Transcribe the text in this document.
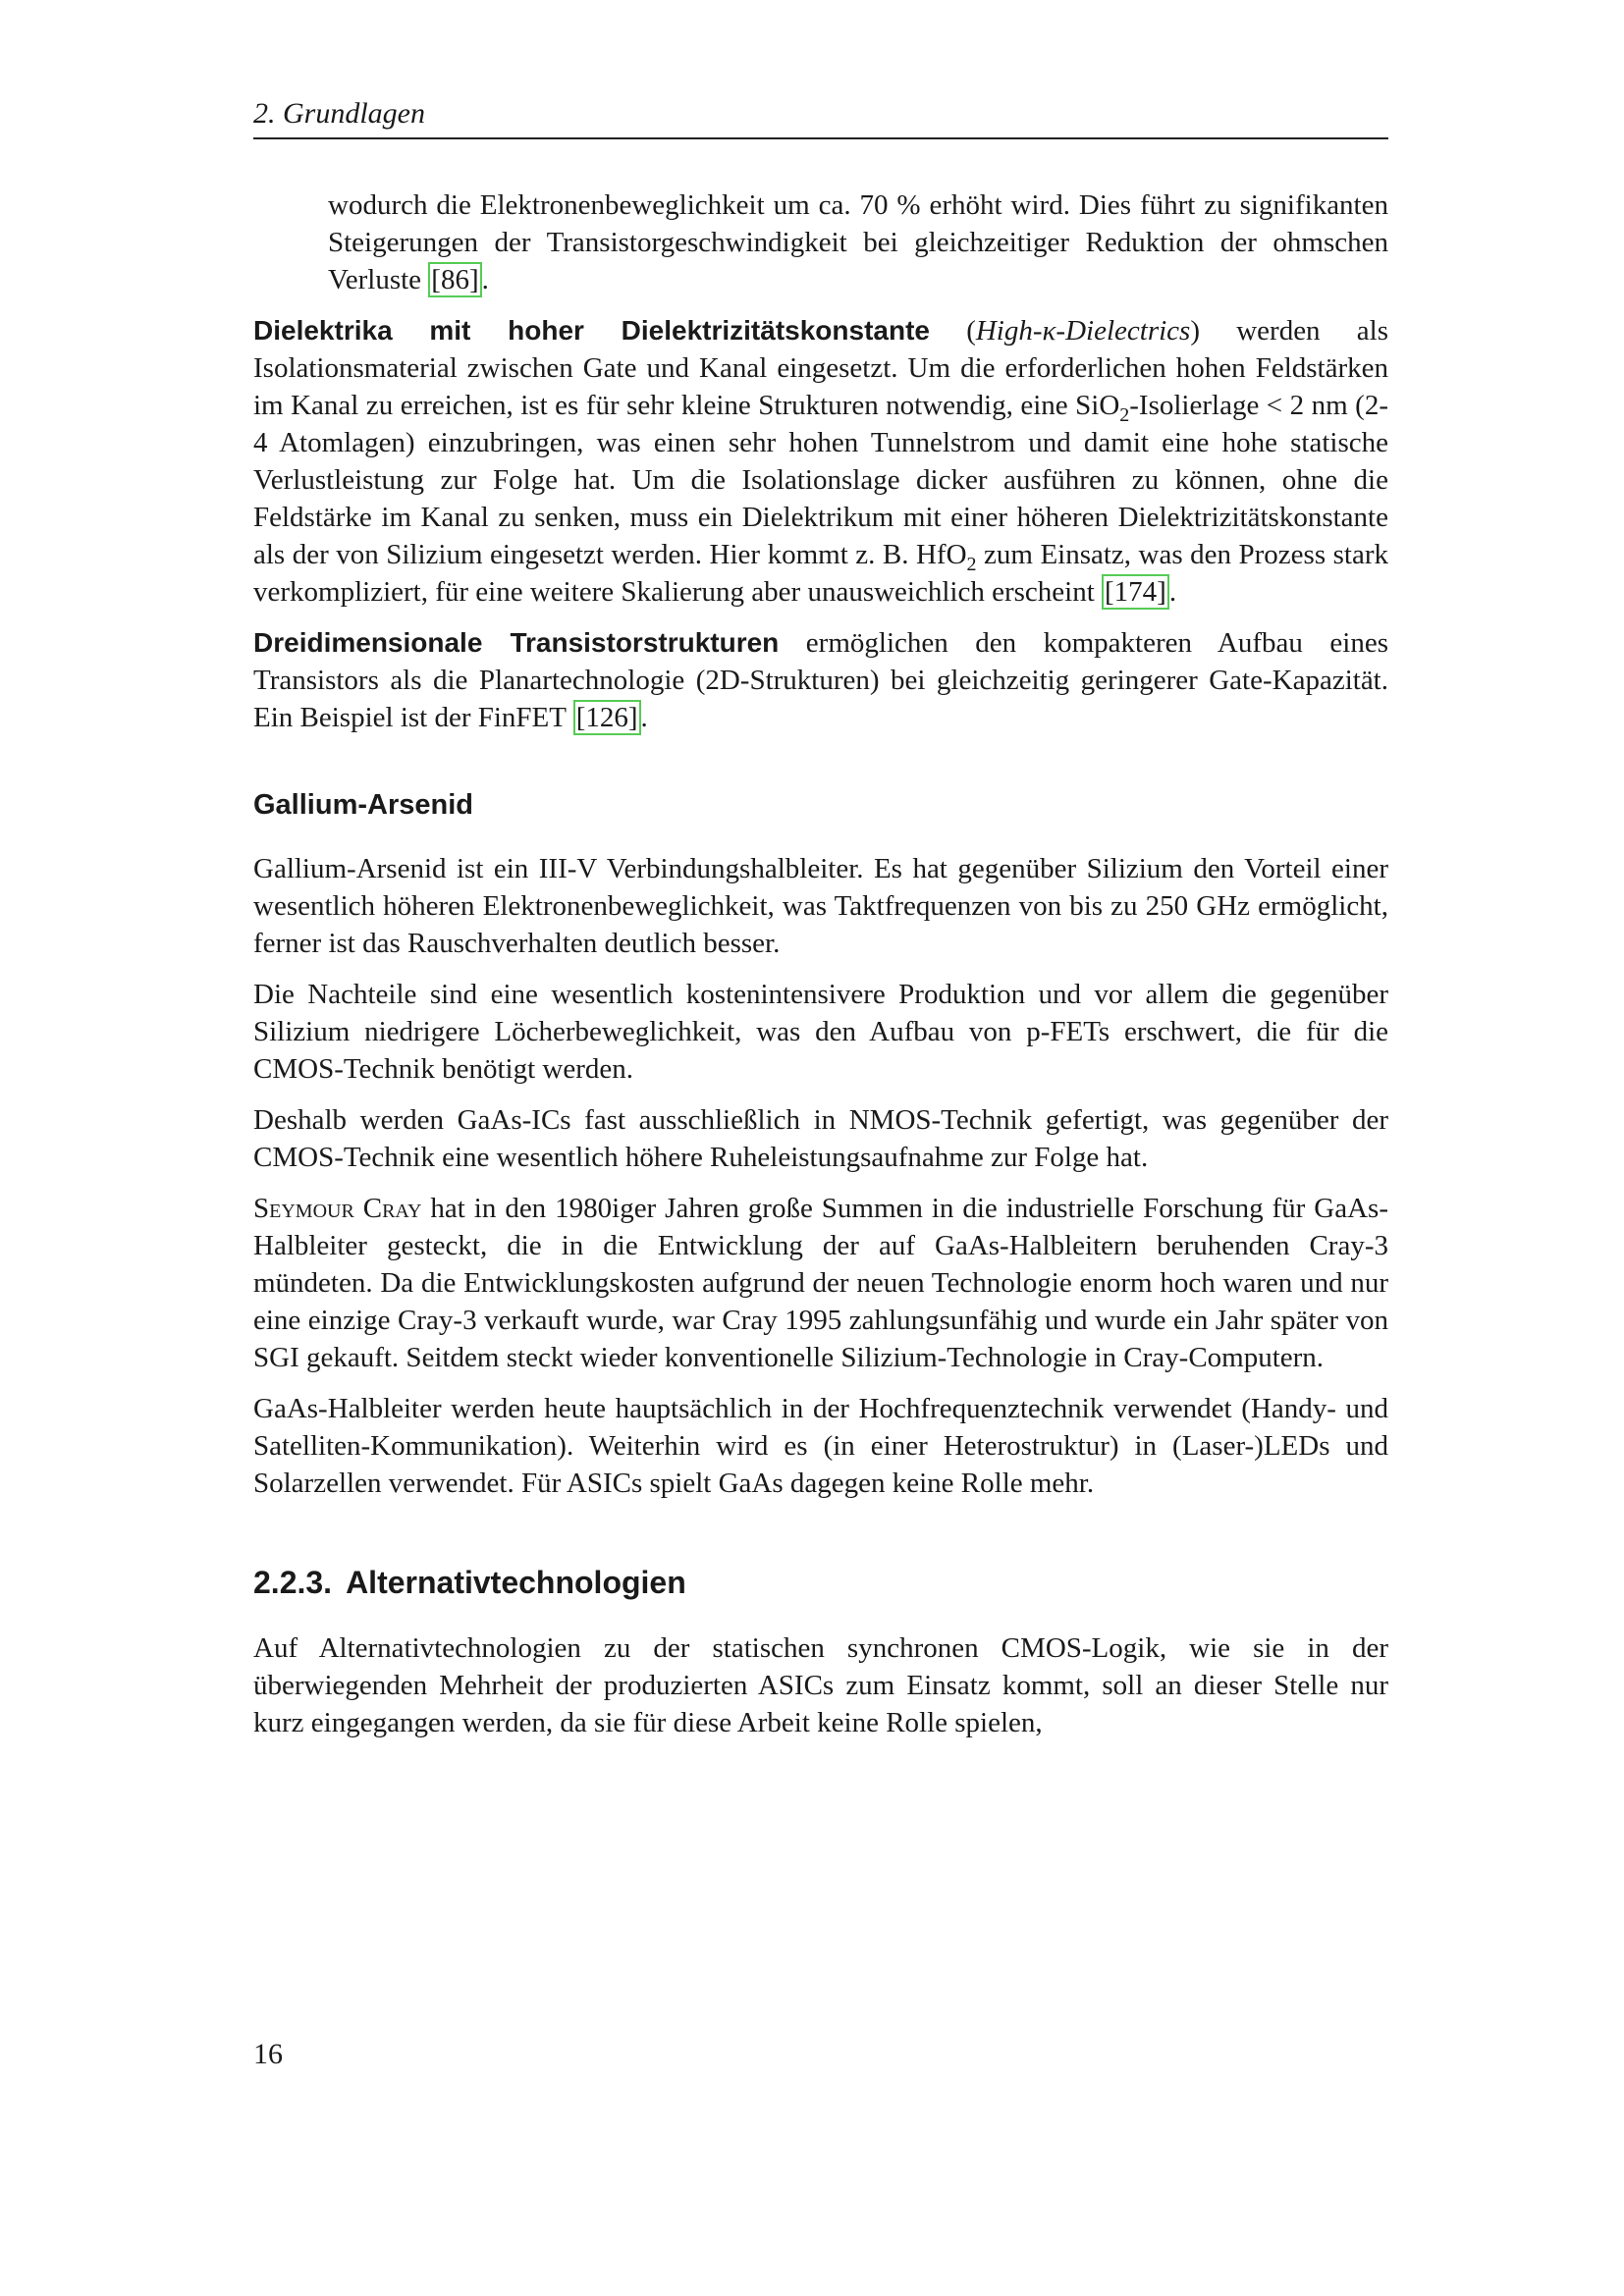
2. Grundlagen
wodurch die Elektronenbeweglichkeit um ca. 70 % erhöht wird. Dies führt zu signifikanten Steigerungen der Transistorgeschwindigkeit bei gleichzeitiger Reduktion der ohmschen Verluste [86] .
Dielektrika mit hoher Dielektrizitätskonstante (High-κ-Dielectrics) werden als Isolationsmaterial zwischen Gate und Kanal eingesetzt. Um die erforderlichen hohen Feldstärken im Kanal zu erreichen, ist es für sehr kleine Strukturen notwendig, eine SiO$_2$-Isolierlage < 2 nm (2-4 Atomlagen) einzubringen, was einen sehr hohen Tunnelstrom und damit eine hohe statische Verlustleistung zur Folge hat. Um die Isolationslage dicker ausführen zu können, ohne die Feldstärke im Kanal zu senken, muss ein Dielektrikum mit einer höheren Dielektrizitätskonstante als der von Silizium eingesetzt werden. Hier kommt z. B. HfO$_2$ zum Einsatz, was den Prozess stark verkompliziert, für eine weitere Skalierung aber unausweichlich erscheint [174] .
Dreidimensionale Transistorstrukturen ermöglichen den kompakteren Aufbau eines Transistors als die Planartechnologie (2D-Strukturen) bei gleichzeitig geringerer Gate-Kapazität. Ein Beispiel ist der FinFET [126] .
Gallium-Arsenid

Gallium-Arsenid ist ein III-V Verbindungshalbleiter. Es hat gegenüber Silizium den Vorteil einer wesentlich höheren Elektronenbeweglichkeit, was Taktfrequenzen von bis zu 250 GHz ermöglicht, ferner ist das Rauschverhalten deutlich besser.

Die Nachteile sind eine wesentlich kostenintensivere Produktion und vor allem die gegenüber Silizium niedrigere Löcherbeweglichkeit, was den Aufbau von p-FETs erschwert, die für die CMOS-Technik benötigt werden.

Deshalb werden GaAs-ICs fast ausschließlich in NMOS-Technik gefertigt, was gegenüber der CMOS-Technik eine wesentlich höhere Ruheleistungsaufnahme zur Folge hat.

Seymour Cray hat in den 1980iger Jahren große Summen in die industrielle Forschung für GaAs-Halbleiter gesteckt, die in die Entwicklung der auf GaAs-Halbleitern beruhenden Cray-3 mündeten. Da die Entwicklungskosten aufgrund der neuen Technologie enorm hoch waren und nur eine einzige Cray-3 verkauft wurde, war Cray 1995 zahlungsunfähig und wurde ein Jahr später von SGI gekauft. Seitdem steckt wieder konventionelle Silizium-Technologie in Cray-Computern.

GaAs-Halbleiter werden heute hauptsächlich in der Hochfrequenztechnik verwendet (Handy- und Satelliten-Kommunikation). Weiterhin wird es (in einer Heterostruktur) in (Laser-)LEDs und Solarzellen verwendet. Für ASICs spielt GaAs dagegen keine Rolle mehr.

2.2.3. Alternativtechnologien

Auf Alternativtechnologien zu der statischen synchronen CMOS-Logik, wie sie in der überwiegenden Mehrheit der produzierten ASICs zum Einsatz kommt, soll an dieser Stelle nur kurz eingegangen werden, da sie für diese Arbeit keine Rolle spielen,

16
